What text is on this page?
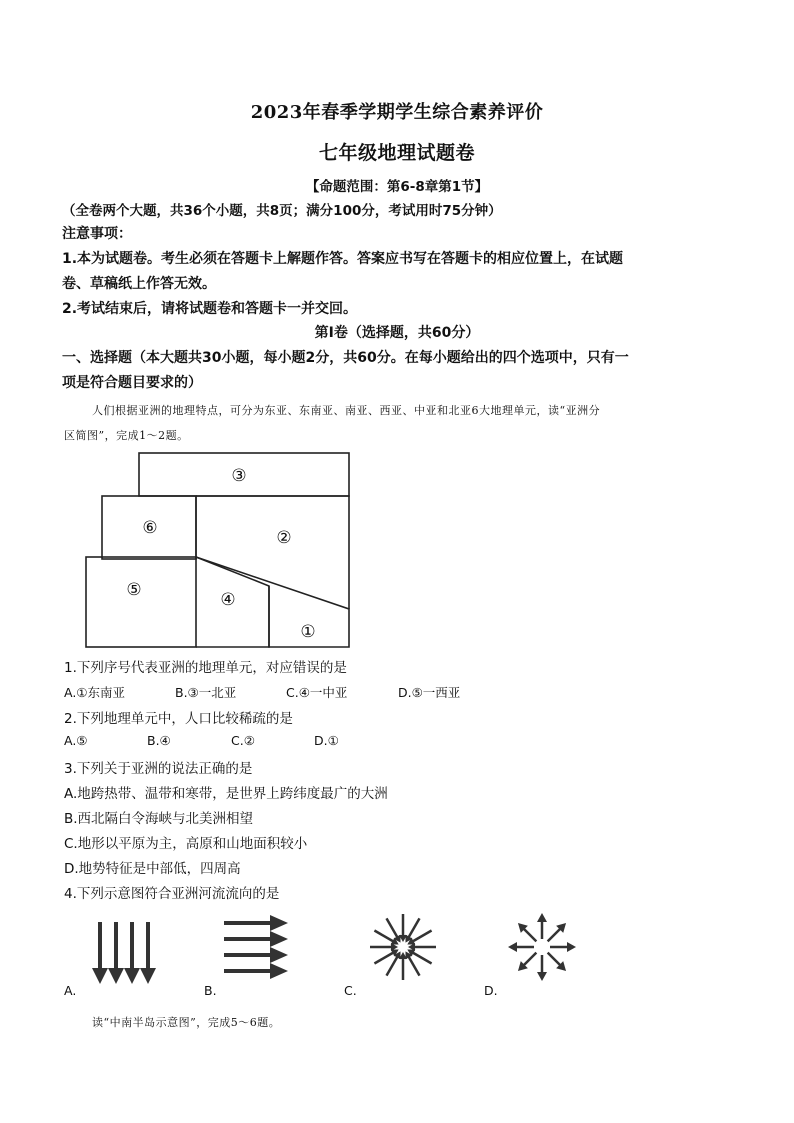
2023年春季学期学生综合素养评价
七年级地理试题卷
【命题范围：第6-8章第1节】
（全卷两个大题，共36个小题，共8页；满分100分，考试用时75分钟）
注意事项：
1.本为试题卷。考生必须在答题卡上解题作答。答案应书写在答题卡的相应位置上，在试题
卷、草稿纸上作答无效。
2.考试结束后，请将试题卷和答题卡一并交回。
第Ⅰ卷（选择题，共60分）
一、选择题（本大题共30小题，每小题2分，共60分。在每小题给出的四个选项中，只有一
项是符合题目要求的）
人们根据亚洲的地理特点，可分为东亚、东南亚、南亚、西亚、中亚和北亚6大地理单元，读“亚洲分
区简图”，完成1～2题。
③
⑥	②
⑤	④
①
1.下列序号代表亚洲的地理单元，对应错误的是
A.①东南亚	B.③一北亚	C.④一中亚	D.⑤一西亚
2.下列地理单元中，人口比较稀疏的是
A.⑤	B.④	C.②	D.①
3.下列关于亚洲的说法正确的是
A.地跨热带、温带和寒带，是世界上跨纬度最广的大洲
B.西北隔白令海峡与北美洲相望
C.地形以平原为主，高原和山地面积较小
D.地势特征是中部低，四周高
4.下列示意图符合亚洲河流流向的是
A.	B.	C.	D.
读“中南半岛示意图”，完成5～6题。
